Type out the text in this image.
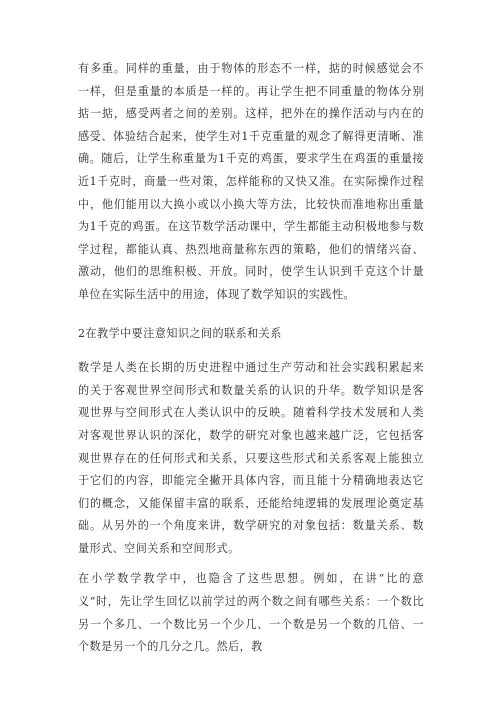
有多重。同样的重量，由于物体的形态不一样，掂的时候感觉会不一样，但是重量的本质是一样的。再让学生把不同重量的物体分别掂一掂，感受两者之间的差别。这样，把外在的操作活动与内在的感受、体验结合起来，使学生对1千克重量的观念了解得更清晰、准确。随后，让学生称重量为1千克的鸡蛋，要求学生在鸡蛋的重量接近1千克时，商量一些对策，怎样能称的又快又准。在实际操作过程中，他们能用以大换小或以小换大等方法，比较快而准地称出重量为1千克的鸡蛋。在这节数学活动课中，学生都能主动积极地参与数学过程，都能认真、热烈地商量称东西的策略，他们的情绪兴奋、激动，他们的思维积极、开放。同时，使学生认识到千克这个计量单位在实际生活中的用途，体现了数学知识的实践性。

2在教学中要注意知识之间的联系和关系

数学是人类在长期的历史进程中通过生产劳动和社会实践积累起来的关于客观世界空间形式和数量关系的认识的升华。数学知识是客观世界与空间形式在人类认识中的反映。随着科学技术发展和人类对客观世界认识的深化，数学的研究对象也越来越广泛，它包括客观世界存在的任何形式和关系，只要这些形式和关系客观上能独立于它们的内容，即能完全撇开具体内容，而且能十分精确地表达它们的概念，又能保留丰富的联系，还能给纯逻辑的发展理论奠定基础。从另外的一个角度来讲，数学研究的对象包括：数量关系、数量形式、空间关系和空间形式。

在小学数学教学中，也隐含了这些思想。例如，在讲“比的意义”时，先让学生回忆以前学过的两个数之间有哪些关系：一个数比另一个多几、一个数比另一个少几、一个数是另一个数的几倍、一个数是另一个的几分之几。然后，教
